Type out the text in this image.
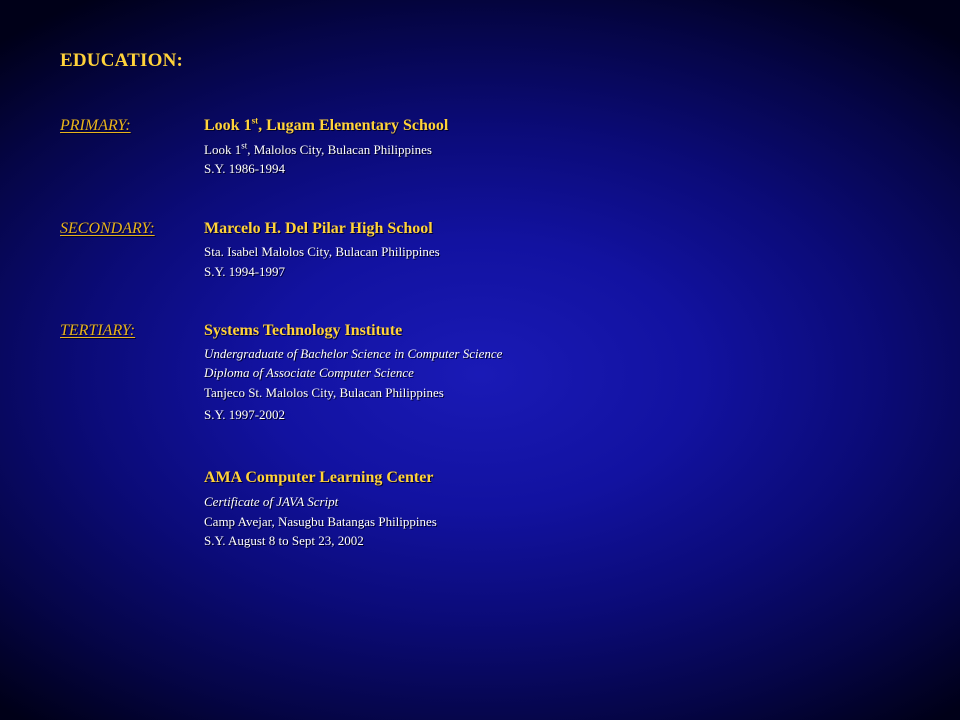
EDUCATION:
PRIMARY:	Look 1st, Lugam Elementary School
Look 1st, Malolos City, Bulacan Philippines
S.Y. 1986-1994
SECONDARY:	Marcelo H. Del Pilar High School
Sta. Isabel Malolos City, Bulacan Philippines
S.Y. 1994-1997
TERTIARY:	Systems Technology Institute
Undergraduate of Bachelor Science in Computer Science
Diploma of Associate Computer Science
Tanjeco St. Malolos City, Bulacan Philippines
S.Y. 1997-2002
AMA Computer Learning Center
Certificate of JAVA Script
Camp Avejar, Nasugbu Batangas Philippines
S.Y. August 8 to Sept 23, 2002
